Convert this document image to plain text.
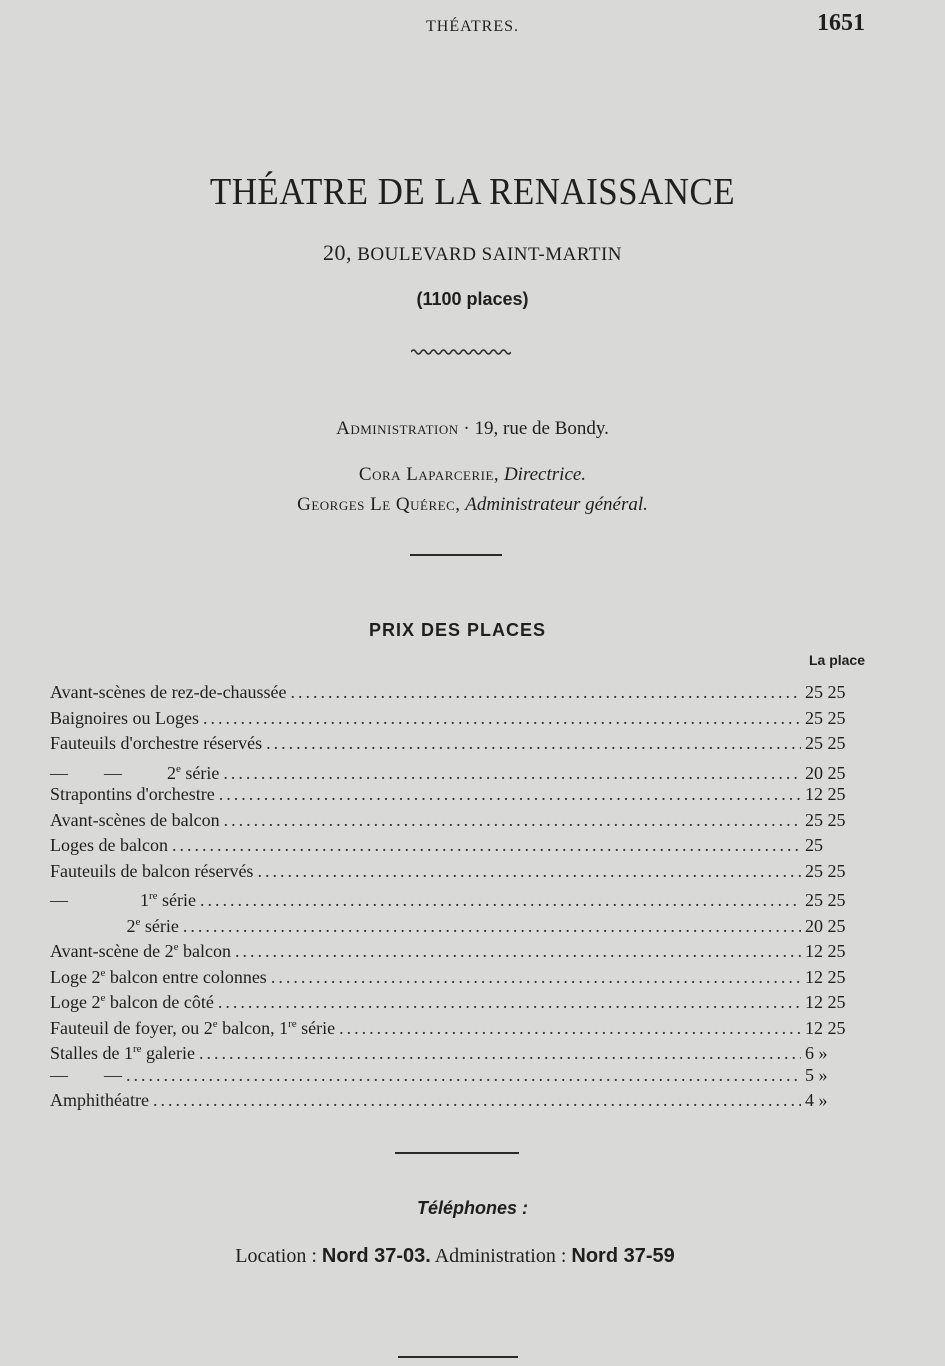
THÉATRES.	1651
THÉATRE DE LA RENAISSANCE
20, BOULEVARD SAINT-MARTIN
(1100 places)
Administration · 19, rue de Bondy.
Cora Laparcerie, Directrice.
Georges Le Quérec, Administrateur général.
PRIX DES PLACES
La place
Avant-scènes de rez-de-chaussée .....	25 25
Baignoires ou Loges .....	25 25
Fauteuils d'orchestre réservés .....	25 25
—        —          2e série .....	20 25
Strapontins d'orchestre .....	12 25
Avant-scènes de balcon .....	25 25
Loges de balcon .....	25
Fauteuils de balcon réservés .....	25 25
—                1re série .....	25 25
2e série .....	20 25
Avant-scène de 2e balcon .....	12 25
Loge 2e balcon entre colonnes .....	12 25
Loge 2e balcon de côté .....	12 25
Fauteuil de foyer, ou 2e balcon, 1re série .....	12 25
Stalles de 1re galerie .....	6 »
—        — .....	5 »
Amphithéatre .....	4 »
Téléphones :
Location : Nord 37-03. Administration : Nord 37-59
